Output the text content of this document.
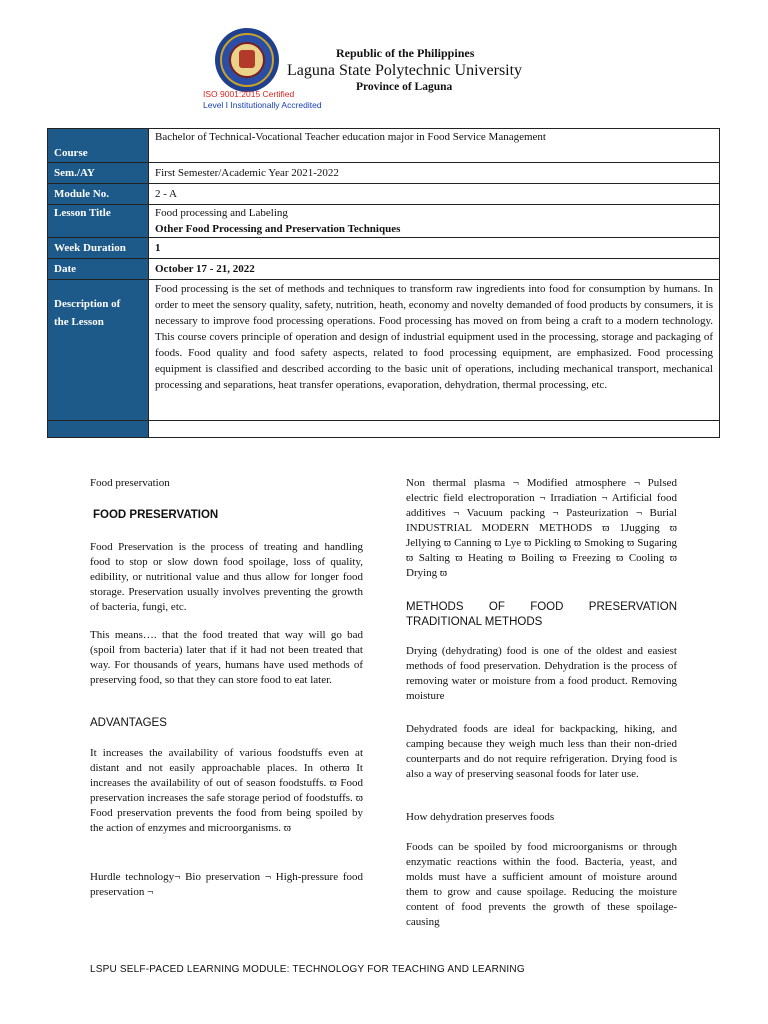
Republic of the Philippines
Laguna State Polytechnic University
Province of Laguna
ISO 9001:2015 Certified
Level I Institutionally Accredited
Course	Bachelor of Technical-Vocational Teacher education major in Food Service Management
Sem./AY	First Semester/Academic Year 2021-2022
Module No.	2 - A
Lesson Title	Food processing and Labeling
Other Food Processing and Preservation Techniques

Week Duration	1
Date	October 17 - 21, 2022

Description of
the Lesson	Food processing is the set of methods and techniques to transform raw ingredients into food for consumption by humans. In order to meet the sensory quality, safety, nutrition, heath, economy and novelty demanded of food products by consumers, it is necessary to improve food processing operations. Food processing has moved on from being a craft to a modern technology. This course covers principle of operation and design of industrial equipment used in the processing, storage and packaging of foods. Food quality and food safety aspects, related to food processing equipment, are emphasized. Food processing equipment is classified and described according to the basic unit of operations, including mechanical transport, mechanical processing and separations, heat transfer operations, evaporation, dehydration, thermal processing, etc.

Food preservation
FOOD PRESERVATION
Food Preservation is the process of treating and handling food to stop or slow down food spoilage, loss of quality, edibility, or nutritional value and thus allow for longer food storage. Preservation usually involves preventing the growth of bacteria, fungi, etc.
This means…. that the food treated that way will go bad (spoil from bacteria) later that if it had not been treated that way. For thousands of years, humans have used methods of preserving food, so that they can store food to eat later.
ADVANTAGES
It increases the availability of various foodstuffs even at distant and not easily approachable places. In otherϖ It increases the availability of out of season foodstuffs. ϖ Food preservation increases the safe storage period of foodstuffs. ϖ Food preservation prevents the food from being spoiled by the action of enzymes and microorganisms. ϖ
Hurdle technology¬ Bio preservation ¬ High-pressure food preservation ¬
Non thermal plasma ¬ Modified atmosphere ¬ Pulsed electric field electroporation ¬ Irradiation ¬ Artificial food additives ¬ Vacuum packing ¬ Pasteurization ¬ Burial INDUSTRIAL MODERN METHODS ϖ 1Jugging ϖ Jellying ϖ Canning ϖ Lye ϖ Pickling ϖ Smoking ϖ Sugaring ϖ Salting ϖ Heating ϖ Boiling ϖ Freezing ϖ Cooling ϖ Drying ϖ
METHODS OF FOOD PRESERVATION TRADITIONAL METHODS
Drying (dehydrating) food is one of the oldest and easiest methods of food preservation. Dehydration is the process of removing water or moisture from a food product. Removing moisture
Dehydrated foods are ideal for backpacking, hiking, and camping because they weigh much less than their non-dried counterparts and do not require refrigeration. Drying food is also a way of preserving seasonal foods for later use.
How dehydration preserves foods
Foods can be spoiled by food microorganisms or through enzymatic reactions within the food. Bacteria, yeast, and molds must have a sufficient amount of moisture around them to grow and cause spoilage. Reducing the moisture content of food prevents the growth of these spoilage-causing
LSPU SELF-PACED LEARNING MODULE: TECHNOLOGY FOR TEACHING AND LEARNING
